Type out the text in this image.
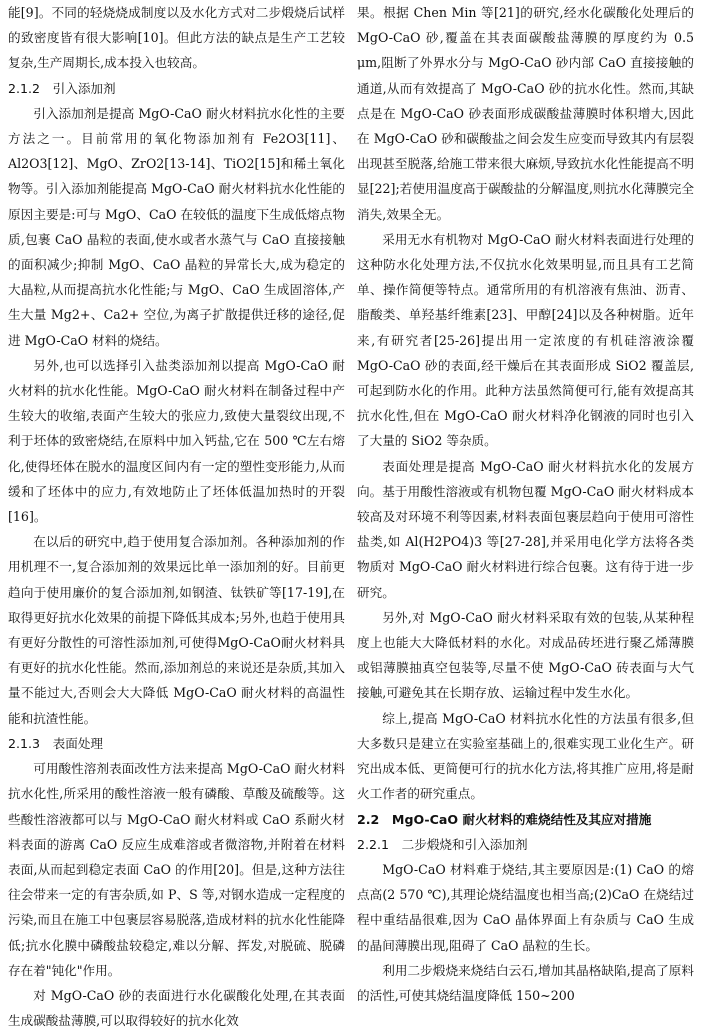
能[9]。不同的轻烧烧成制度以及水化方式对二步煅烧后试样的致密度皆有很大影响[10]。但此方法的缺点是生产工艺较复杂,生产周期长,成本投入也较高。

2.1.2 引入添加剂

引入添加剂是提高 MgO-CaO 耐火材料抗水化性的主要方法之一。目前常用的氧化物添加剂有 Fe2O3[11]、Al2O3[12]、MgO、ZrO2[13-14]、TiO2[15]和稀土氧化物等。引入添加剂能提高 MgO-CaO 耐火材料抗水化性能的原因主要是:可与 MgO、CaO 在较低的温度下生成低熔点物质,包裹 CaO 晶粒的表面,使水或者水蒸气与 CaO 直接接触的面积减少;抑制 MgO、CaO 晶粒的异常长大,成为稳定的大晶粒,从而提高抗水化性能;与 MgO、CaO 生成固溶体,产生大量 Mg2+、Ca2+ 空位,为离子扩散提供迁移的途径,促进 MgO-CaO 材料的烧结。

另外,也可以选择引入盐类添加剂以提高 MgO-CaO 耐火材料的抗水化性能。MgO-CaO 耐火材料在制备过程中产生较大的收缩,表面产生较大的张应力,致使大量裂纹出现,不利于坯体的致密烧结,在原料中加入钙盐,它在 500 ℃左右熔化,使得坯体在脱水的温度区间内有一定的塑性变形能力,从而缓和了坯体中的应力,有效地防止了坯体低温加热时的开裂[16]。

在以后的研究中,趋于使用复合添加剂。各种添加剂的作用机理不一,复合添加剂的效果远比单一添加剂的好。目前更趋向于使用廉价的复合添加剂,如钢渣、钛铁矿等[17-19],在取得更好抗水化效果的前提下降低其成本;另外,也趋于使用具有更好分散性的可溶性添加剂,可使得MgO-CaO耐火材料具有更好的抗水化性能。然而,添加剂总的来说还是杂质,其加入量不能过大,否则会大大降低 MgO-CaO 耐火材料的高温性能和抗渣性能。

2.1.3 表面处理

可用酸性溶剂表面改性方法来提高 MgO-CaO 耐火材料抗水化性,所采用的酸性溶液一般有磷酸、草酸及硫酸等。这些酸性溶液都可以与 MgO-CaO 耐火材料或 CaO 系耐火材料表面的游离 CaO 反应生成难溶或者微溶物,并附着在材料表面,从而起到稳定表面 CaO 的作用[20]。但是,这种方法往往会带来一定的有害杂质,如 P、S 等,对钢水造成一定程度的污染,而且在施工中包裹层容易脱落,造成材料的抗水化性能降低;抗水化膜中磷酸盐较稳定,难以分解、挥发,对脱硫、脱磷存在着"钝化"作用。

对 MgO-CaO 砂的表面进行水化碳酸化处理,在其表面生成碳酸盐薄膜,可以取得较好的抗水化效

果。根据 Chen Min 等[21]的研究,经水化碳酸化处理后的 MgO-CaO 砂,覆盖在其表面碳酸盐薄膜的厚度约为 0.5 μm,阻断了外界水分与 MgO-CaO 砂内部 CaO 直接接触的通道,从而有效提高了 MgO-CaO 砂的抗水化性。然而,其缺点是在 MgO-CaO 砂表面形成碳酸盐薄膜时体积增大,因此在 MgO-CaO 砂和碳酸盐之间会发生应变而导致其内有层裂出现甚至脱落,给施工带来很大麻烦,导致抗水化性能提高不明显[22];若使用温度高于碳酸盐的分解温度,则抗水化薄膜完全消失,效果全无。

采用无水有机物对 MgO-CaO 耐火材料表面进行处理的这种防水化处理方法,不仅抗水化效果明显,而且具有工艺简单、操作简便等特点。通常所用的有机溶液有焦油、沥青、脂酸类、单羟基纤维素[23]、甲醇[24]以及各种树脂。近年来,有研究者[25-26]提出用一定浓度的有机硅溶液涂覆 MgO-CaO 砂的表面,经干燥后在其表面形成 SiO2 覆盖层,可起到防水化的作用。此种方法虽然简便可行,能有效提高其抗水化性,但在 MgO-CaO 耐火材料净化钢液的同时也引入了大量的 SiO2 等杂质。

表面处理是提高 MgO-CaO 耐火材料抗水化的发展方向。基于用酸性溶液或有机物包覆 MgO-CaO 耐火材料成本较高及对环境不利等因素,材料表面包裹层趋向于使用可溶性盐类,如 Al(H2PO4)3 等[27-28],并采用电化学方法将各类物质对 MgO-CaO 耐火材料进行综合包裹。这有待于进一步研究。

另外,对 MgO-CaO 耐火材料采取有效的包装,从某种程度上也能大大降低材料的水化。对成品砖坯进行聚乙烯薄膜或铝薄膜抽真空包装等,尽量不使 MgO-CaO 砖表面与大气接触,可避免其在长期存放、运输过程中发生水化。

综上,提高 MgO-CaO 材料抗水化性的方法虽有很多,但大多数只是建立在实验室基础上的,很难实现工业化生产。研究出成本低、更简便可行的抗水化方法,将其推广应用,将是耐火工作者的研究重点。

2.2 MgO-CaO 耐火材料的难烧结性及其应对措施
2.2.1 二步煅烧和引入添加剂

MgO-CaO 材料难于烧结,其主要原因是:(1) CaO 的熔点高(2 570 ℃),其理论烧结温度也相当高;(2)CaO 在烧结过程中重结晶很难,因为 CaO 晶体界面上有杂质与 CaO 生成的晶间薄膜出现,阻碍了 CaO 晶粒的生长。

利用二步煅烧来烧结白云石,增加其晶格缺陷,提高了原料的活性,可使其烧结温度降低 150~200
